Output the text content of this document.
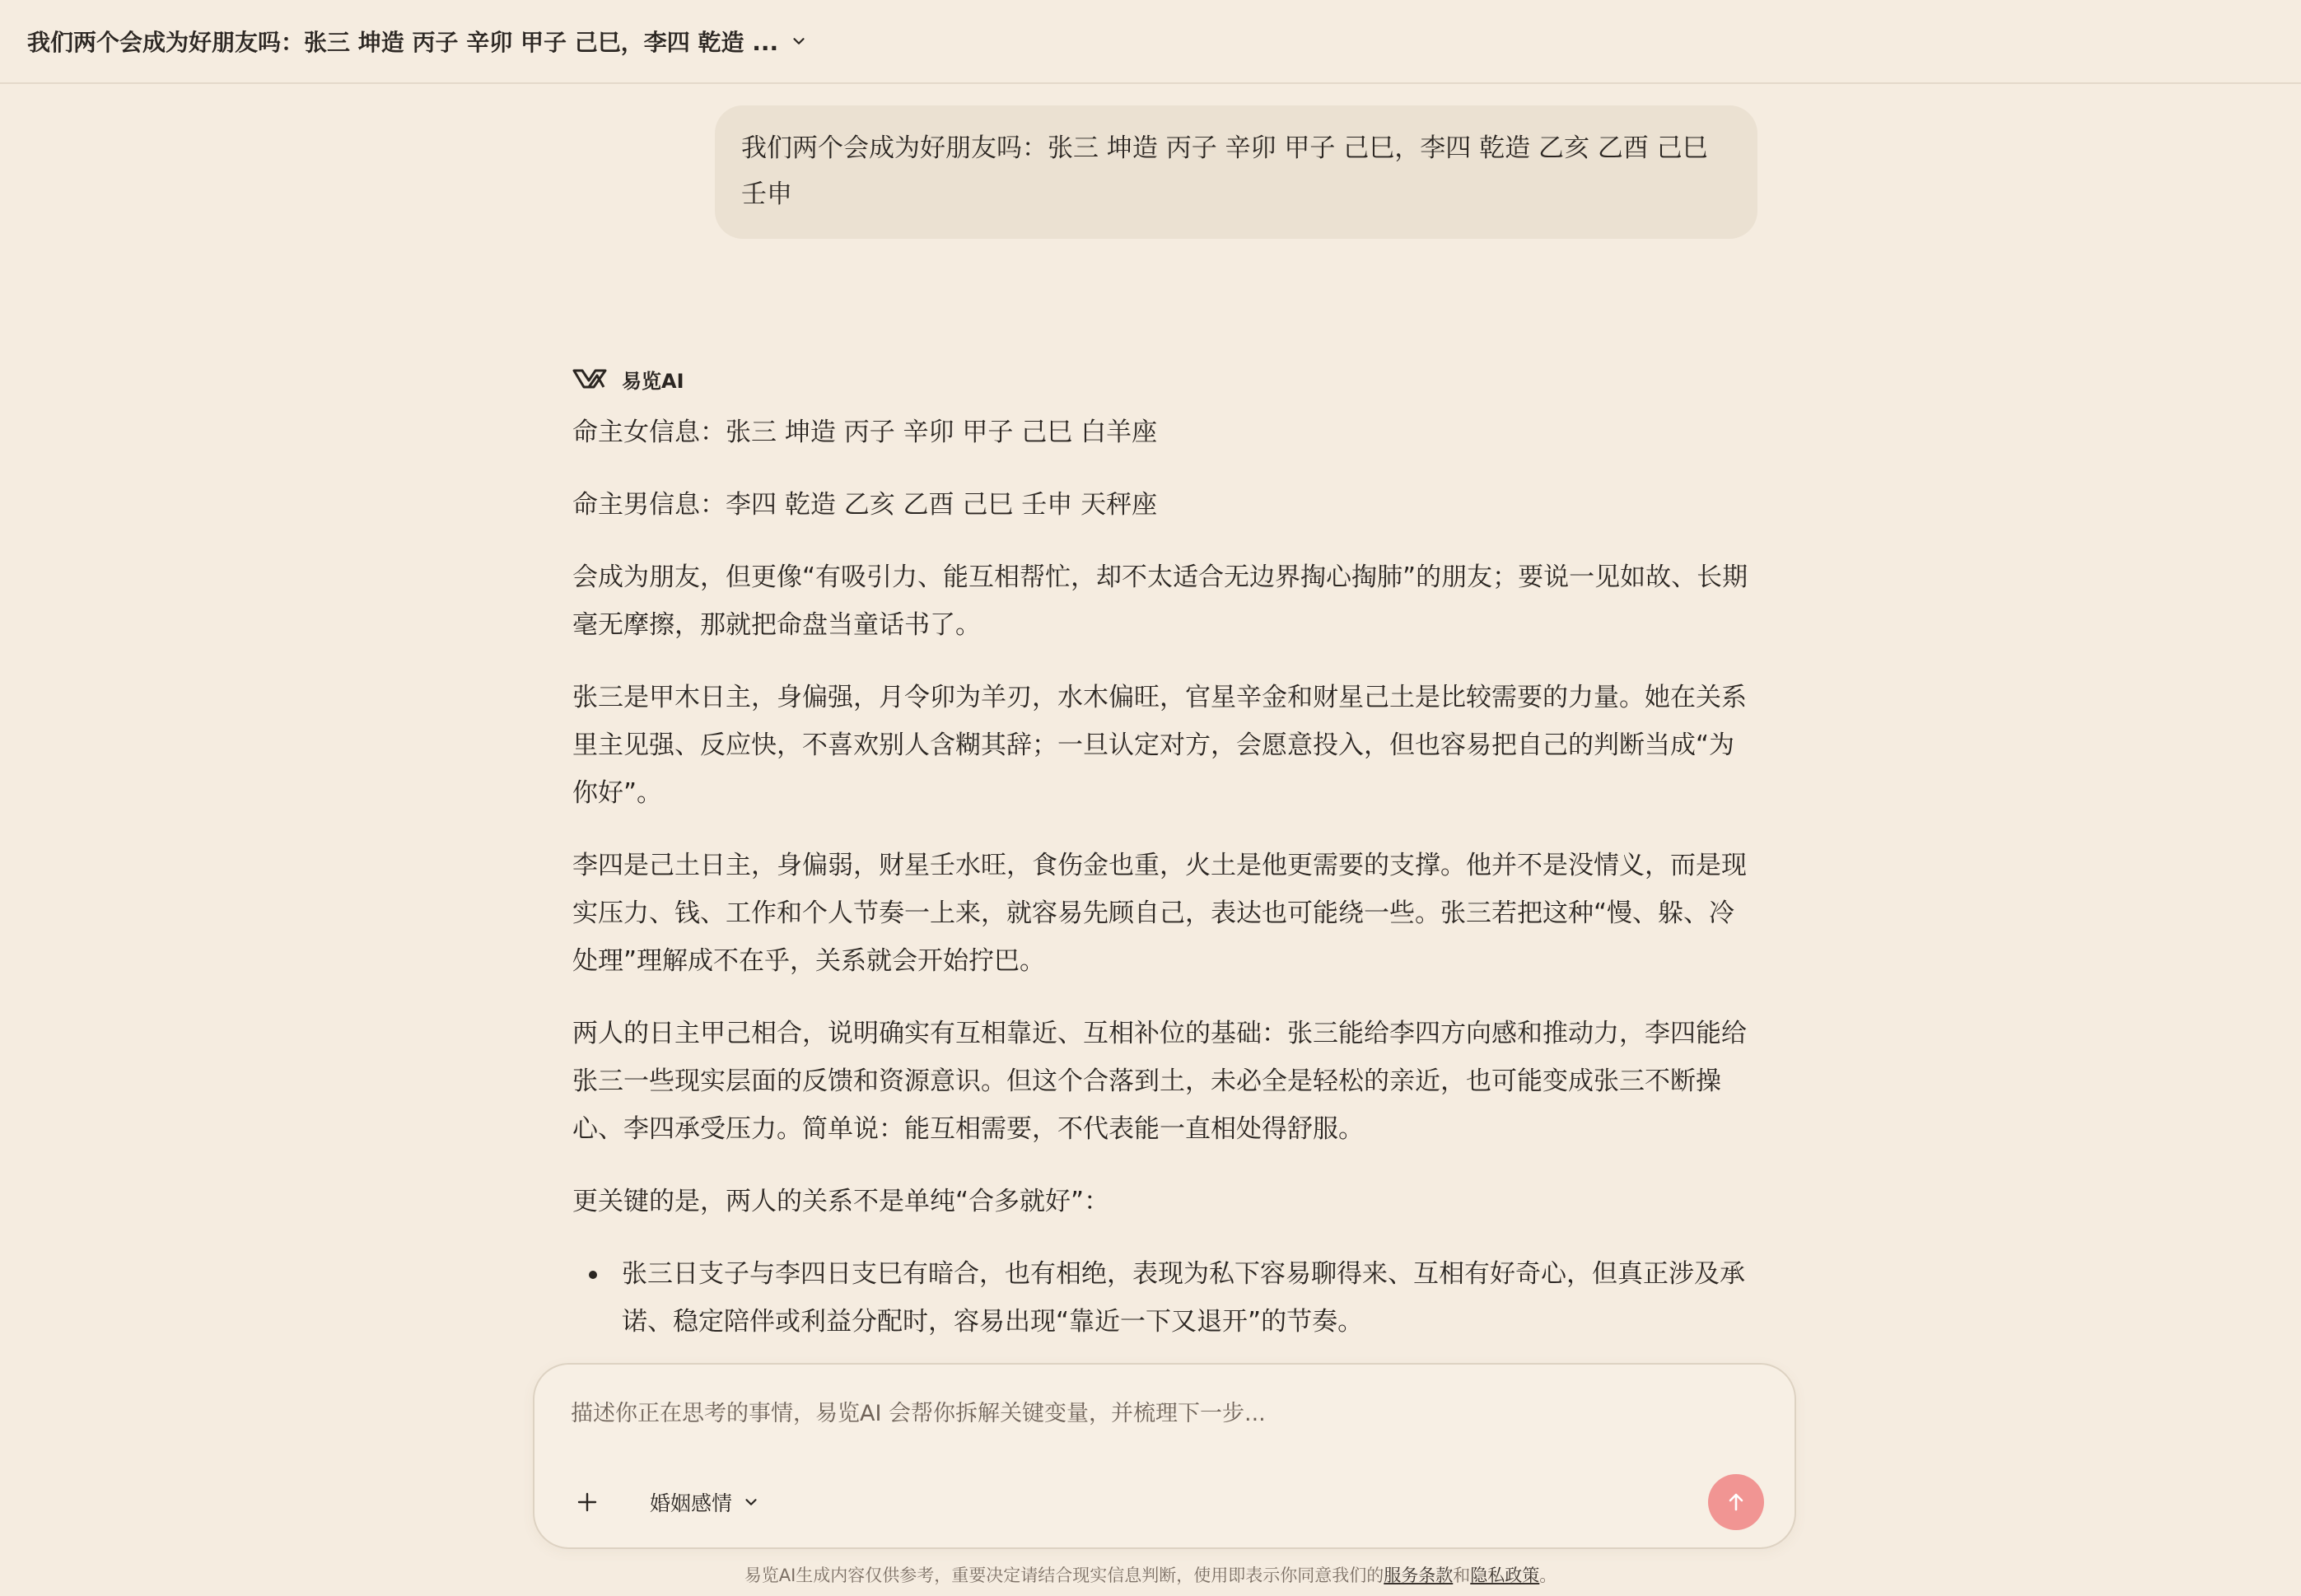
我们两个会成为好朋友吗：张三 坤造 丙子 辛卯 甲子 己巳，李四 乾造 ...
我们两个会成为好朋友吗：张三 坤造 丙子 辛卯 甲子 己巳，李四 乾造 乙亥 乙酉 己巳 壬申
易览AI

命主女信息：张三 坤造 丙子 辛卯 甲子 己巳 白羊座

命主男信息：李四 乾造 乙亥 乙酉 己巳 壬申 天秤座

会成为朋友，但更像“有吸引力、能互相帮忙，却不太适合无边界掏心掏肺”的朋友；要说一见如故、长期毫无摩擦，那就把命盘当童话书了。

张三是甲木日主，身偏强，月令卯为羊刃，水木偏旺，官星辛金和财星己土是比较需要的力量。她在关系里主见强、反应快，不喜欢别人含糊其辞；一旦认定对方，会愿意投入，但也容易把自己的判断当成“为你好”。

李四是己土日主，身偏弱，财星壬水旺，食伤金也重，火土是他更需要的支撑。他并不是没情义，而是现实压力、钱、工作和个人节奏一上来，就容易先顾自己，表达也可能绕一些。张三若把这种“慢、躲、冷处理”理解成不在乎，关系就会开始拧巴。

两人的日主甲己相合，说明确实有互相靠近、互相补位的基础：张三能给李四方向感和推动力，李四能给张三一些现实层面的反馈和资源意识。但这个合落到土，未必全是轻松的亲近，也可能变成张三不断操心、李四承受压力。简单说：能互相需要，不代表能一直相处得舒服。

更关键的是，两人的关系不是单纯“合多就好”：

张三日支子与李四日支巳有暗合，也有相绝，表现为私下容易聊得来、互相有好奇心，但真正涉及承诺、稳定陪伴或利益分配时，容易出现“靠近一下又退开”的节奏。
描述你正在思考的事情，易览AI 会帮你拆解关键变量，并梳理下一步...
婚姻感情
易览AI生成内容仅供参考，重要决定请结合现实信息判断，使用即表示你同意我们的服务条款和隐私政策。
